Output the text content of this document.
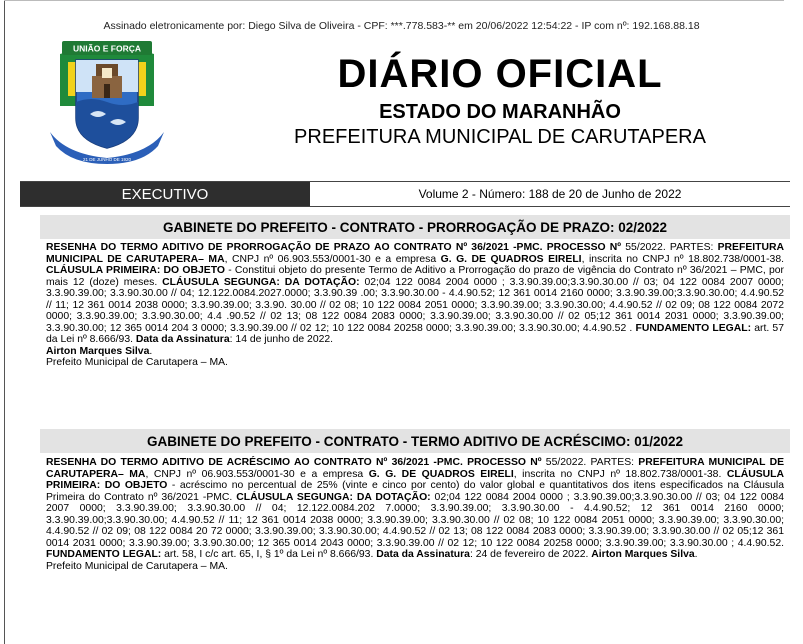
Assinado eletronicamente por: Diego Silva de Oliveira - CPF: ***.778.583-** em 20/06/2022 12:54:22 - IP com nº: 192.168.88.18
UNIÃO E FORÇA
CARUTAPERA-MA
21 DE JUNHO DE 1920
DIÁRIO OFICIAL
ESTADO DO MARANHÃO
PREFEITURA MUNICIPAL DE CARUTAPERA
EXECUTIVO	Volume 2 - Número: 188 de 20 de Junho de 2022
GABINETE DO PREFEITO - CONTRATO - PRORROGAÇÃO DE PRAZO: 02/2022
RESENHA DO TERMO ADITIVO DE PRORROGAÇÃO DE PRAZO AO CONTRATO Nº 36/2021 -PMC. PROCESSO Nº 55/2022. PARTES: PREFEITURA MUNICIPAL DE CARUTAPERA– MA, CNPJ nº 06.903.553/0001-30 e a empresa G. G. DE QUADROS EIRELI, inscrita no CNPJ nº 18.802.738/0001-38. CLÁUSULA PRIMEIRA: DO OBJETO - Constitui objeto do presente Termo de Aditivo a Prorrogação do prazo de vigência do Contrato nº 36/2021 – PMC, por mais 12 (doze) meses. CLÁUSULA SEGUNGA: DA DOTAÇÃO: 02;04 122 0084 2004 0000 ; 3.3.90.39.00;3.3.90.30.00 // 03; 04 122 0084 2007 0000; 3.3.90.39.00; 3.3.90.30.00 // 04; 12.122.0084.2027.0000; 3.3.90.39 .00; 3.3.90.30.00 - 4.4.90.52; 12 361 0014 2160 0000; 3.3.90.39.00;3.3.90.30.00; 4.4.90.52 // 11; 12 361 0014 2038 0000; 3.3.90.39.00; 3.3.90. 30.00 // 02 08; 10 122 0084 2051 0000; 3.3.90.39.00; 3.3.90.30.00; 4.4.90.52 // 02 09; 08 122 0084 2072 0000; 3.3.90.39.00; 3.3.90.30.00; 4.4 .90.52 // 02 13; 08 122 0084 2083 0000; 3.3.90.39.00; 3.3.90.30.00 // 02 05;12 361 0014 2031 0000; 3.3.90.39.00; 3.3.90.30.00; 12 365 0014 204 3 0000; 3.3.90.39.00 // 02 12; 10 122 0084 20258 0000; 3.3.90.39.00; 3.3.90.30.00; 4.4.90.52 . FUNDAMENTO LEGAL: art. 57 da Lei nº 8.666/93. Data da Assinatura: 14 de junho de 2022.
Airton Marques Silva.
Prefeito Municipal de Carutapera – MA.
GABINETE DO PREFEITO - CONTRATO - TERMO ADITIVO DE ACRÉSCIMO: 01/2022
RESENHA DO TERMO ADITIVO DE ACRÉSCIMO AO CONTRATO Nº 36/2021 -PMC. PROCESSO Nº 55/2022. PARTES: PREFEITURA MUNICIPAL DE CARUTAPERA– MA, CNPJ nº 06.903.553/0001-30 e a empresa G. G. DE QUADROS EIRELI, inscrita no CNPJ nº 18.802.738/0001-38. CLÁUSULA PRIMEIRA: DO OBJETO - acréscimo no percentual de 25% (vinte e cinco por cento) do valor global e quantitativos dos itens especificados na Cláusula Primeira do Contrato nº 36/2021 -PMC. CLÁUSULA SEGUNGA: DA DOTAÇÃO: 02;04 122 0084 2004 0000 ; 3.3.90.39.00;3.3.90.30.00 // 03; 04 122 0084 2007 0000; 3.3.90.39.00; 3.3.90.30.00 // 04; 12.122.0084.202 7.0000; 3.3.90.39.00; 3.3.90.30.00 - 4.4.90.52; 12 361 0014 2160 0000; 3.3.90.39.00;3.3.90.30.00; 4.4.90.52 // 11; 12 361 0014 2038 0000; 3.3.90.39.00; 3.3.90.30.00 // 02 08; 10 122 0084 2051 0000; 3.3.90.39.00; 3.3.90.30.00; 4.4.90.52 // 02 09; 08 122 0084 20 72 0000; 3.3.90.39.00; 3.3.90.30.00; 4.4.90.52 // 02 13; 08 122 0084 2083 0000; 3.3.90.39.00; 3.3.90.30.00 // 02 05;12 361 0014 2031 0000; 3.3.90.39.00; 3.3.90.30.00; 12 365 0014 2043 0000; 3.3.90.39.00 // 02 12; 10 122 0084 20258 0000; 3.3.90.39.00; 3.3.90.30.00 ; 4.4.90.52. FUNDAMENTO LEGAL: art. 58, I c/c art. 65, I, § 1º da Lei nº 8.666/93. Data da Assinatura: 24 de fevereiro de 2022. Airton Marques Silva.
Prefeito Municipal de Carutapera – MA.
